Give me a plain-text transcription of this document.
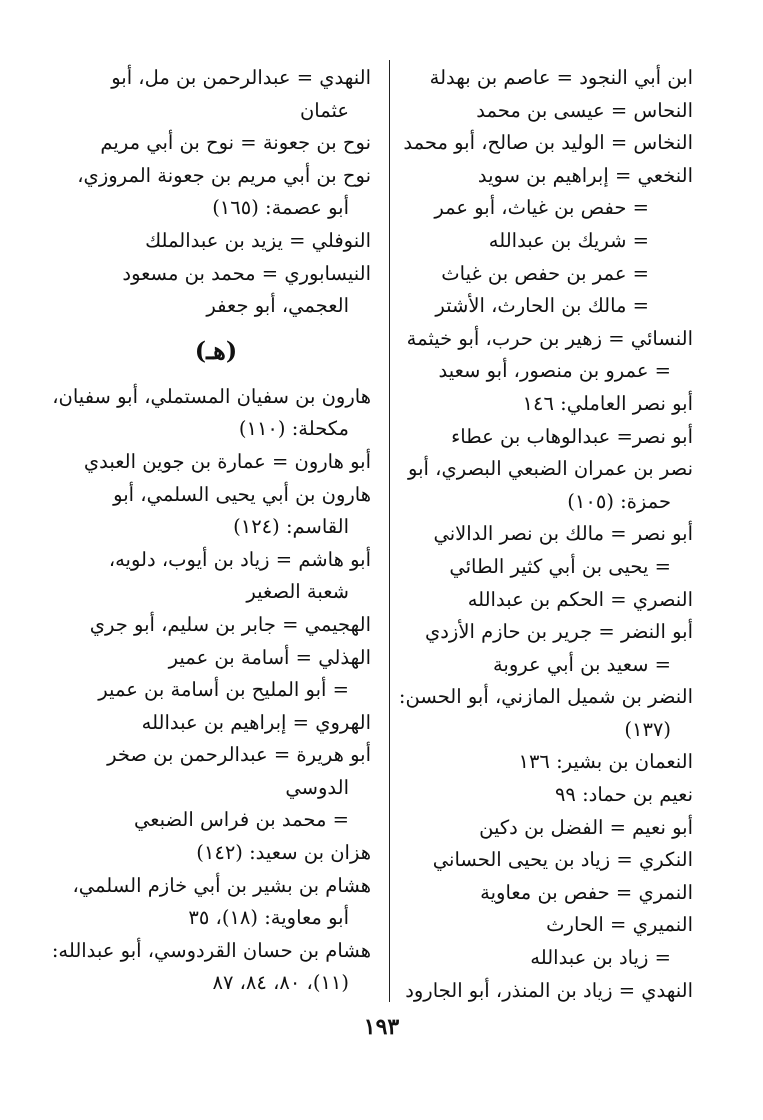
ابن أبي النجود = عاصم بن بهدلة
النحاس = عيسى بن محمد
النخاس = الوليد بن صالح، أبو محمد
النخعي = إبراهيم بن سويد
= حفص بن غياث، أبو عمر
= شريك بن عبدالله
= عمر بن حفص بن غياث
= مالك بن الحارث، الأشتر
النسائي = زهير بن حرب، أبو خيثمة
= عمرو بن منصور، أبو سعيد
أبو نصر العاملي: ١٤٦
أبو نصر= عبدالوهاب بن عطاء
نصر بن عمران الضبعي البصري، أبو
حمزة: (١٠٥)
أبو نصر = مالك بن نصر الدالاني
= يحيى بن أبي كثير الطائي
النصري = الحكم بن عبدالله
أبو النضر = جرير بن حازم الأزدي
= سعيد بن أبي عروبة
النضر بن شميل المازني، أبو الحسن:
(١٣٧)
النعمان بن بشير: ١٣٦
نعيم بن حماد: ٩٩
أبو نعيم = الفضل بن دكين
النكري = زياد بن يحيى الحساني
النمري = حفص بن معاوية
النميري = الحارث
= زياد بن عبدالله
النهدي = زياد بن المنذر، أبو الجارود
النهدي = عبدالرحمن بن مل، أبو
عثمان
نوح بن جعونة = نوح بن أبي مريم
نوح بن أبي مريم بن جعونة المروزي،
أبو عصمة: (١٦٥)
النوفلي = يزيد بن عبدالملك
النيسابوري = محمد بن مسعود
العجمي، أبو جعفر
(هـ)
هارون بن سفيان المستملي، أبو سفيان،
مكحلة: (١١٠)
أبو هارون = عمارة بن جوين العبدي
هارون بن أبي يحيى السلمي، أبو
القاسم: (١٢٤)
أبو هاشم = زياد بن أيوب، دلويه،
شعبة الصغير
الهجيمي = جابر بن سليم، أبو جري
الهذلي = أسامة بن عمير
= أبو المليح بن أسامة بن عمير
الهروي = إبراهيم بن عبدالله
أبو هريرة = عبدالرحمن بن صخر
الدوسي
= محمد بن فراس الضبعي
هزان بن سعيد: (١٤٢)
هشام بن بشير بن أبي خازم السلمي،
أبو معاوية: (١٨)، ٣٥
هشام بن حسان القردوسي، أبو عبدالله:
(١١)، ٨٠، ٨٤، ٨٧
١٩٣
